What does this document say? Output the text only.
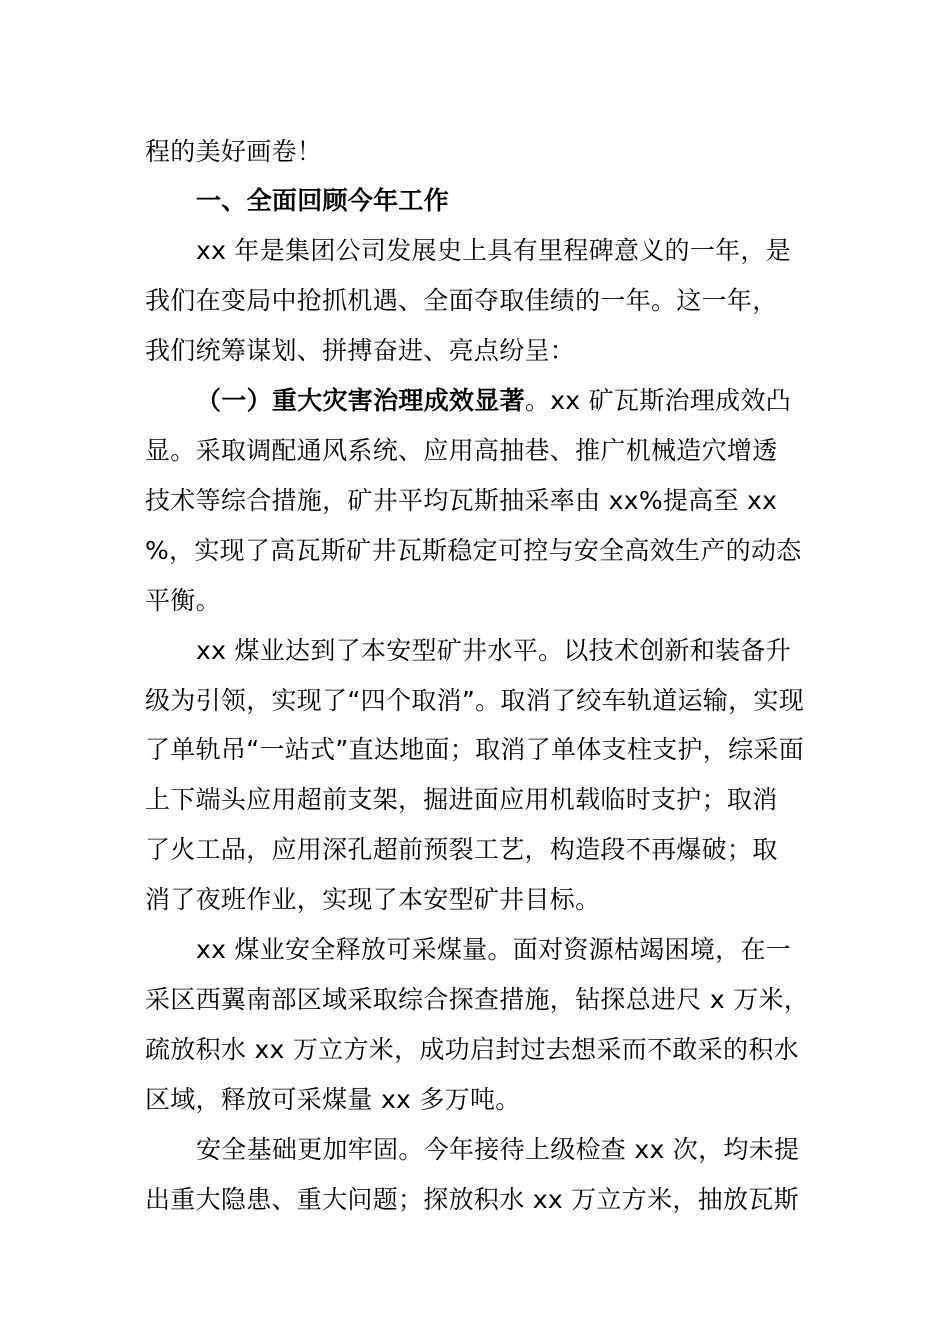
程的美好画卷！
一、全面回顾今年工作
xx 年是集团公司发展史上具有里程碑意义的一年，是
我们在变局中抢抓机遇、全面夺取佳绩的一年。这一年，
我们统筹谋划、拼搏奋进、亮点纷呈：
（一）重大灾害治理成效显著。xx 矿瓦斯治理成效凸
显。采取调配通风系统、应用高抽巷、推广机械造穴增透
技术等综合措施，矿井平均瓦斯抽采率由 xx%提高至 xx
%，实现了高瓦斯矿井瓦斯稳定可控与安全高效生产的动态
平衡。
xx 煤业达到了本安型矿井水平。以技术创新和装备升
级为引领，实现了“四个取消”。取消了绞车轨道运输，实现
了单轨吊“一站式”直达地面；取消了单体支柱支护，综采面
上下端头应用超前支架，掘进面应用机载临时支护；取消
了火工品，应用深孔超前预裂工艺，构造段不再爆破；取
消了夜班作业，实现了本安型矿井目标。
xx 煤业安全释放可采煤量。面对资源枯竭困境，在一
采区西翼南部区域采取综合探查措施，钻探总进尺 x 万米，
疏放积水 xx 万立方米，成功启封过去想采而不敢采的积水
区域，释放可采煤量 xx 多万吨。
安全基础更加牢固。今年接待上级检查 xx 次，均未提
出重大隐患、重大问题；探放积水 xx 万立方米，抽放瓦斯
